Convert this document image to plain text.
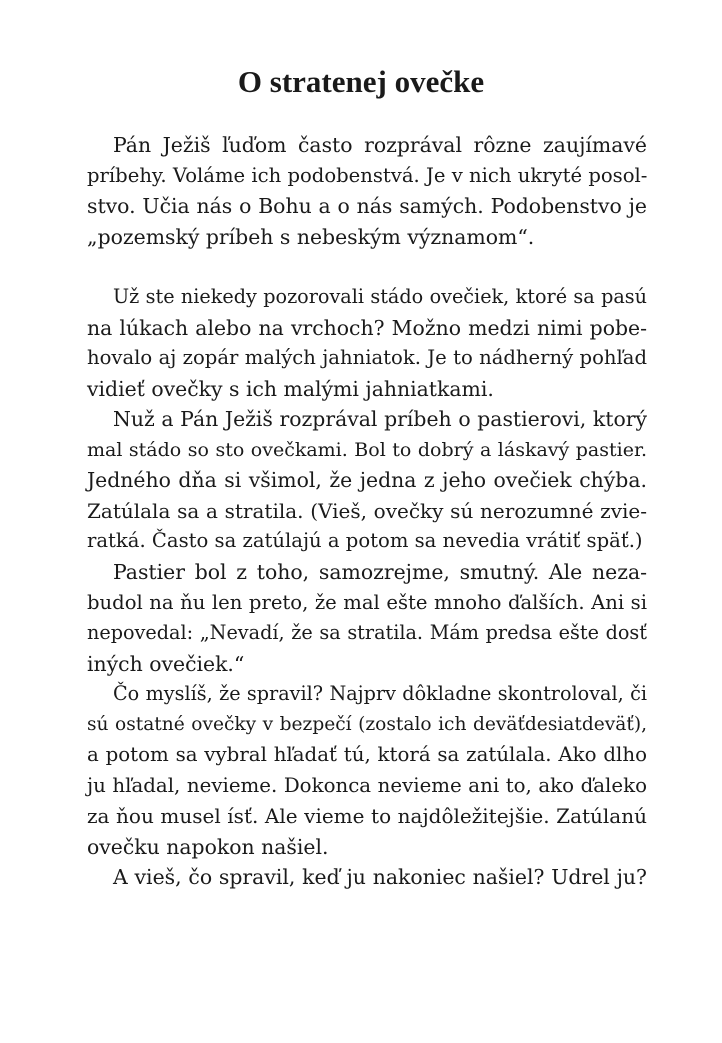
O stratenej ovečke
Pán Ježiš ľuďom často rozprával rôzne zaujímavé
príbehy. Voláme ich podobenstvá. Je v nich ukryté posol-
stvo. Učia nás o Bohu a o nás samých. Podobenstvo je
„pozemský príbeh s nebeským významom“.
Už ste niekedy pozorovali stádo ovečiek, ktoré sa pasú
na lúkach alebo na vrchoch? Možno medzi nimi pobe-
hovalo aj zopár malých jahniatok. Je to nádherný pohľad
vidieť ovečky s ich malými jahniatkami.
Nuž a Pán Ježiš rozprával príbeh o pastierovi, ktorý
mal stádo so sto ovečkami. Bol to dobrý a láskavý pastier.
Jedného dňa si všimol, že jedna z jeho ovečiek chýba.
Zatúlala sa a stratila. (Vieš, ovečky sú nerozumné zvie-
ratká. Často sa zatúlajú a potom sa nevedia vrátiť späť.)
Pastier bol z toho, samozrejme, smutný. Ale neza-
budol na ňu len preto, že mal ešte mnoho ďalších. Ani si
nepovedal: „Nevadí, že sa stratila. Mám predsa ešte dosť
iných ovečiek.“
Čo myslíš, že spravil? Najprv dôkladne skontroloval, či
sú ostatné ovečky v bezpečí (zostalo ich deväťdesiatdeväť),
a potom sa vybral hľadať tú, ktorá sa zatúlala. Ako dlho
ju hľadal, nevieme. Dokonca nevieme ani to, ako ďaleko
za ňou musel ísť. Ale vieme to najdôležitejšie. Zatúlanú
ovečku napokon našiel.
A vieš, čo spravil, keď ju nakoniec našiel? Udrel ju?
